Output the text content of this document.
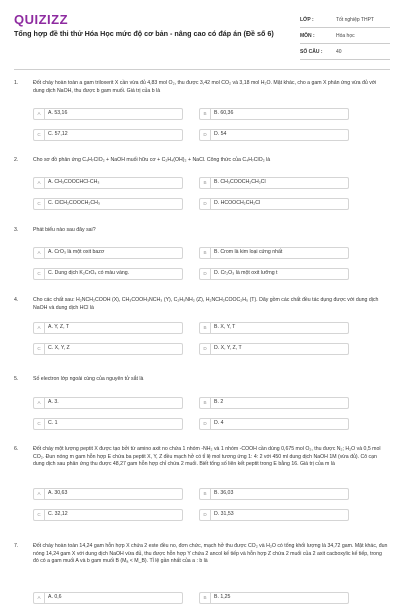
QUIZIZZ
Tổng hợp đề thi thử Hóa Học mức độ cơ bản - nâng cao có đáp án (Đề số 6)
LỚP :	Tốt nghiệp THPT
MÔN :	Hóa học
SỐ CÂU :	40
1.	Đốt cháy hoàn toàn a gam triloxerit X cần vừa đủ 4,83 mol O₂, thu được 3,42 mol CO₂ và 3,18 mol H₂O. Mặt khác, cho a gam X phản ứng vừa đủ với dung dịch NaOH, thu được b gam muối. Giá trị của b là
A	A. 53,16	B	B. 60,36
C	C. 57,12	D	D. 54
2.	Cho sơ đồ phản ứng C₄H₇ClO₂ + NaOH muối hữu cơ + C₂H₄(OH)₂ + NaCl. Công thức của C₄H₇ClO₂ là
A	A. CH₃COOCHCl-CH₃	B	B. CH₃COOCH₂CH₂Cl
C	C. ClCH₂COOCH₂CH₃	D	D. HCOOCH₂CH₂Cl
3.	Phát biểu nào sau đây sai?
A	A. CrO₃ là một oxit bazơ	B	B. Crom là kim loại cứng nhất
C	C. Dung dịch K₂CrO₄ có màu vàng.	D	D. Cr₂O₃ là một oxit lưỡng t
4.	Cho các chất sau: H₂NCH₂COOH (X), CH₃COOH₃NCH₃ (Y), C₂H₅NH₂ (Z), H₂NCH₂COOC₂H₅ (T). Dãy gồm các chất đều tác dụng được với dung dịch NaOH và dung dịch HCl là
A	A. Y, Z, T	B	B. X, Y, T
C	C. X, Y, Z	D	D. X, Y, Z, T
5.	Số electron lớp ngoài cùng của nguyên tử sắt là
A	A. 3.	B	B. 2
C	C. 1	D	D. 4
6.	Đốt cháy một lượng peptit X được tạo bởi từ amino axit no chứa 1 nhóm -NH₂ và 1 nhóm -COOH cần dùng 0,675 mol O₂, thu được N₂; H₂O và 0,5 mol CO₂. Đun nóng m gam hỗn hợp E chứa ba peptit X, Y, Z đều mạch hở có tỉ lệ mol tương ứng 1: 4: 2 với 450 ml dung dịch NaOH 1M (vừa đủ). Cô cạn dung dịch sau phản ứng thu được 48,27 gam hỗn hợp chỉ chứa 2 muối. Biết tổng số liên kết peptit trong E bằng 16. Giá trị của m là
A	A. 30,63	B	B. 36,03
C	C. 32,12	D	D. 31,53
7.	Đốt cháy hoàn toàn 14,24 gam hỗn hợp X chứa 2 este đều no, đơn chức, mạch hở thu được CO₂ và H₂O có tổng khối lượng là 34,72 gam. Mặt khác, đun nóng 14,24 gam X với dung dịch NaOH vừa đủ, thu được hỗn hợp Y chứa 2 ancol kế tiếp và hỗn hợp Z chứa 2 muối của 2 axit cacboxylic kế tiếp, trong đó có a gam muối A và b gam muối B (Mₐ < M_B). Tỉ lệ gần nhất của a : b là
A	A. 0,6	B	B. 1,25
